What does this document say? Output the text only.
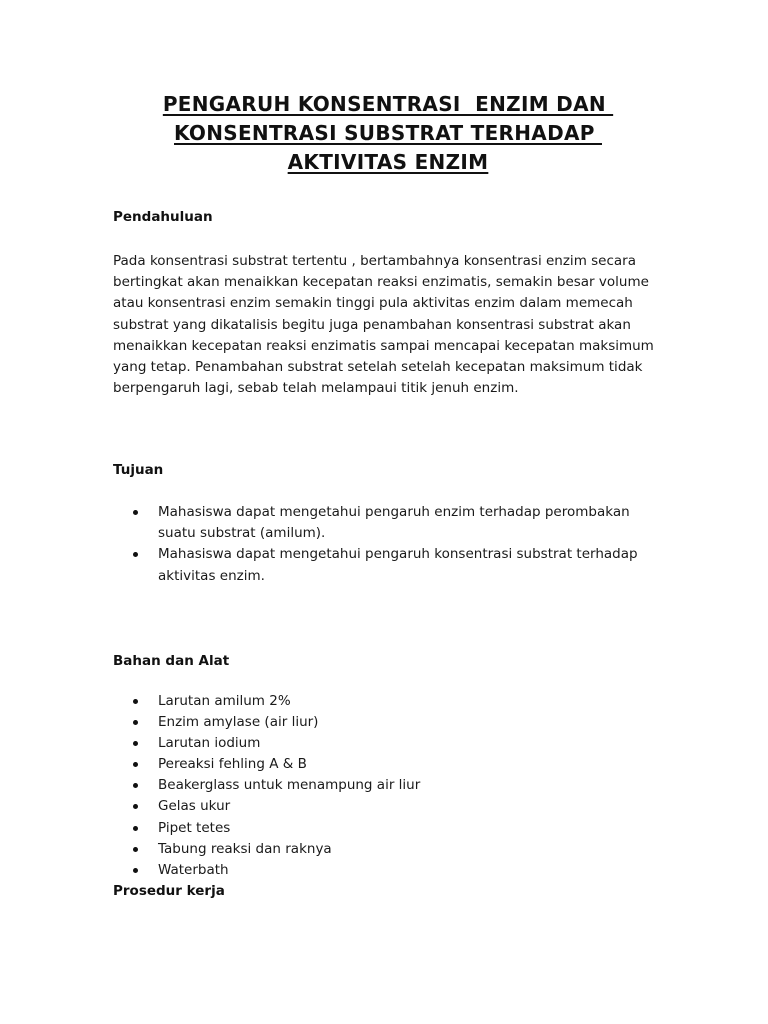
PENGARUH KONSENTRASI  ENZIM DAN
KONSENTRASI SUBSTRAT TERHADAP
AKTIVITAS ENZIM
Pendahuluan
Pada konsentrasi substrat tertentu , bertambahnya konsentrasi enzim secara
bertingkat akan menaikkan kecepatan reaksi enzimatis, semakin besar volume
atau konsentrasi enzim semakin tinggi pula aktivitas enzim dalam memecah
substrat yang dikatalisis begitu juga penambahan konsentrasi substrat akan
menaikkan kecepatan reaksi enzimatis sampai mencapai kecepatan maksimum
yang tetap. Penambahan substrat setelah setelah kecepatan maksimum tidak
berpengaruh lagi, sebab telah melampaui titik jenuh enzim.
Tujuan
Mahasiswa dapat mengetahui pengaruh enzim terhadap perombakan
suatu substrat (amilum).
Mahasiswa dapat mengetahui pengaruh konsentrasi substrat terhadap
aktivitas enzim.
Bahan dan Alat
Larutan amilum 2%
Enzim amylase (air liur)
Larutan iodium
Pereaksi fehling A & B
Beakerglass untuk menampung air liur
Gelas ukur
Pipet tetes
Tabung reaksi dan raknya
Waterbath
Prosedur kerja
